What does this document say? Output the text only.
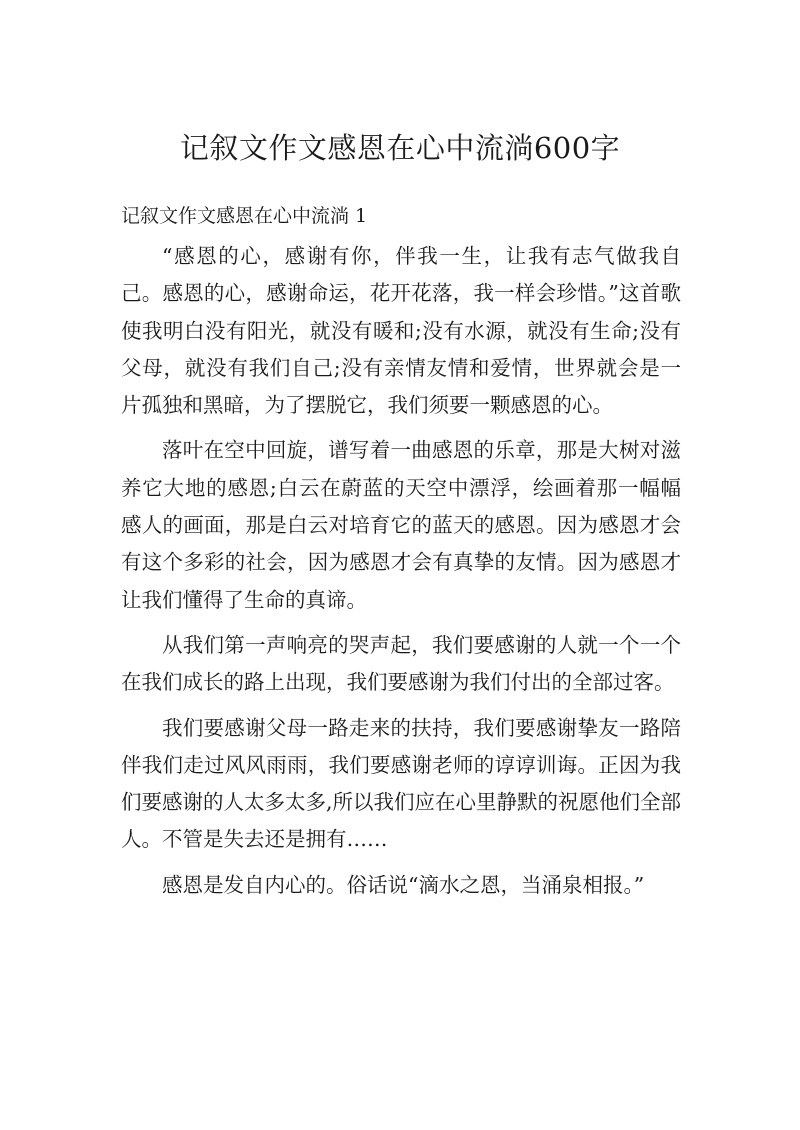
记叙文作文感恩在心中流淌600字

记叙文作文感恩在心中流淌 1

“感恩的心，感谢有你，伴我一生，让我有志气做我自己。感恩的心，感谢命运，花开花落，我一样会珍惜。”这首歌使我明白没有阳光，就没有暖和;没有水源，就没有生命;没有父母，就没有我们自己;没有亲情友情和爱情，世界就会是一片孤独和黑暗，为了摆脱它，我们须要一颗感恩的心。

落叶在空中回旋，谱写着一曲感恩的乐章，那是大树对滋养它大地的感恩;白云在蔚蓝的天空中漂浮，绘画着那一幅幅感人的画面，那是白云对培育它的蓝天的感恩。因为感恩才会有这个多彩的社会，因为感恩才会有真挚的友情。因为感恩才让我们懂得了生命的真谛。

从我们第一声响亮的哭声起，我们要感谢的人就一个一个在我们成长的路上出现，我们要感谢为我们付出的全部过客。

我们要感谢父母一路走来的扶持，我们要感谢挚友一路陪伴我们走过风风雨雨，我们要感谢老师的谆谆训诲。正因为我们要感谢的人太多太多,所以我们应在心里静默的祝愿他们全部人。不管是失去还是拥有……

感恩是发自内心的。俗话说“滴水之恩，当涌泉相报。”
